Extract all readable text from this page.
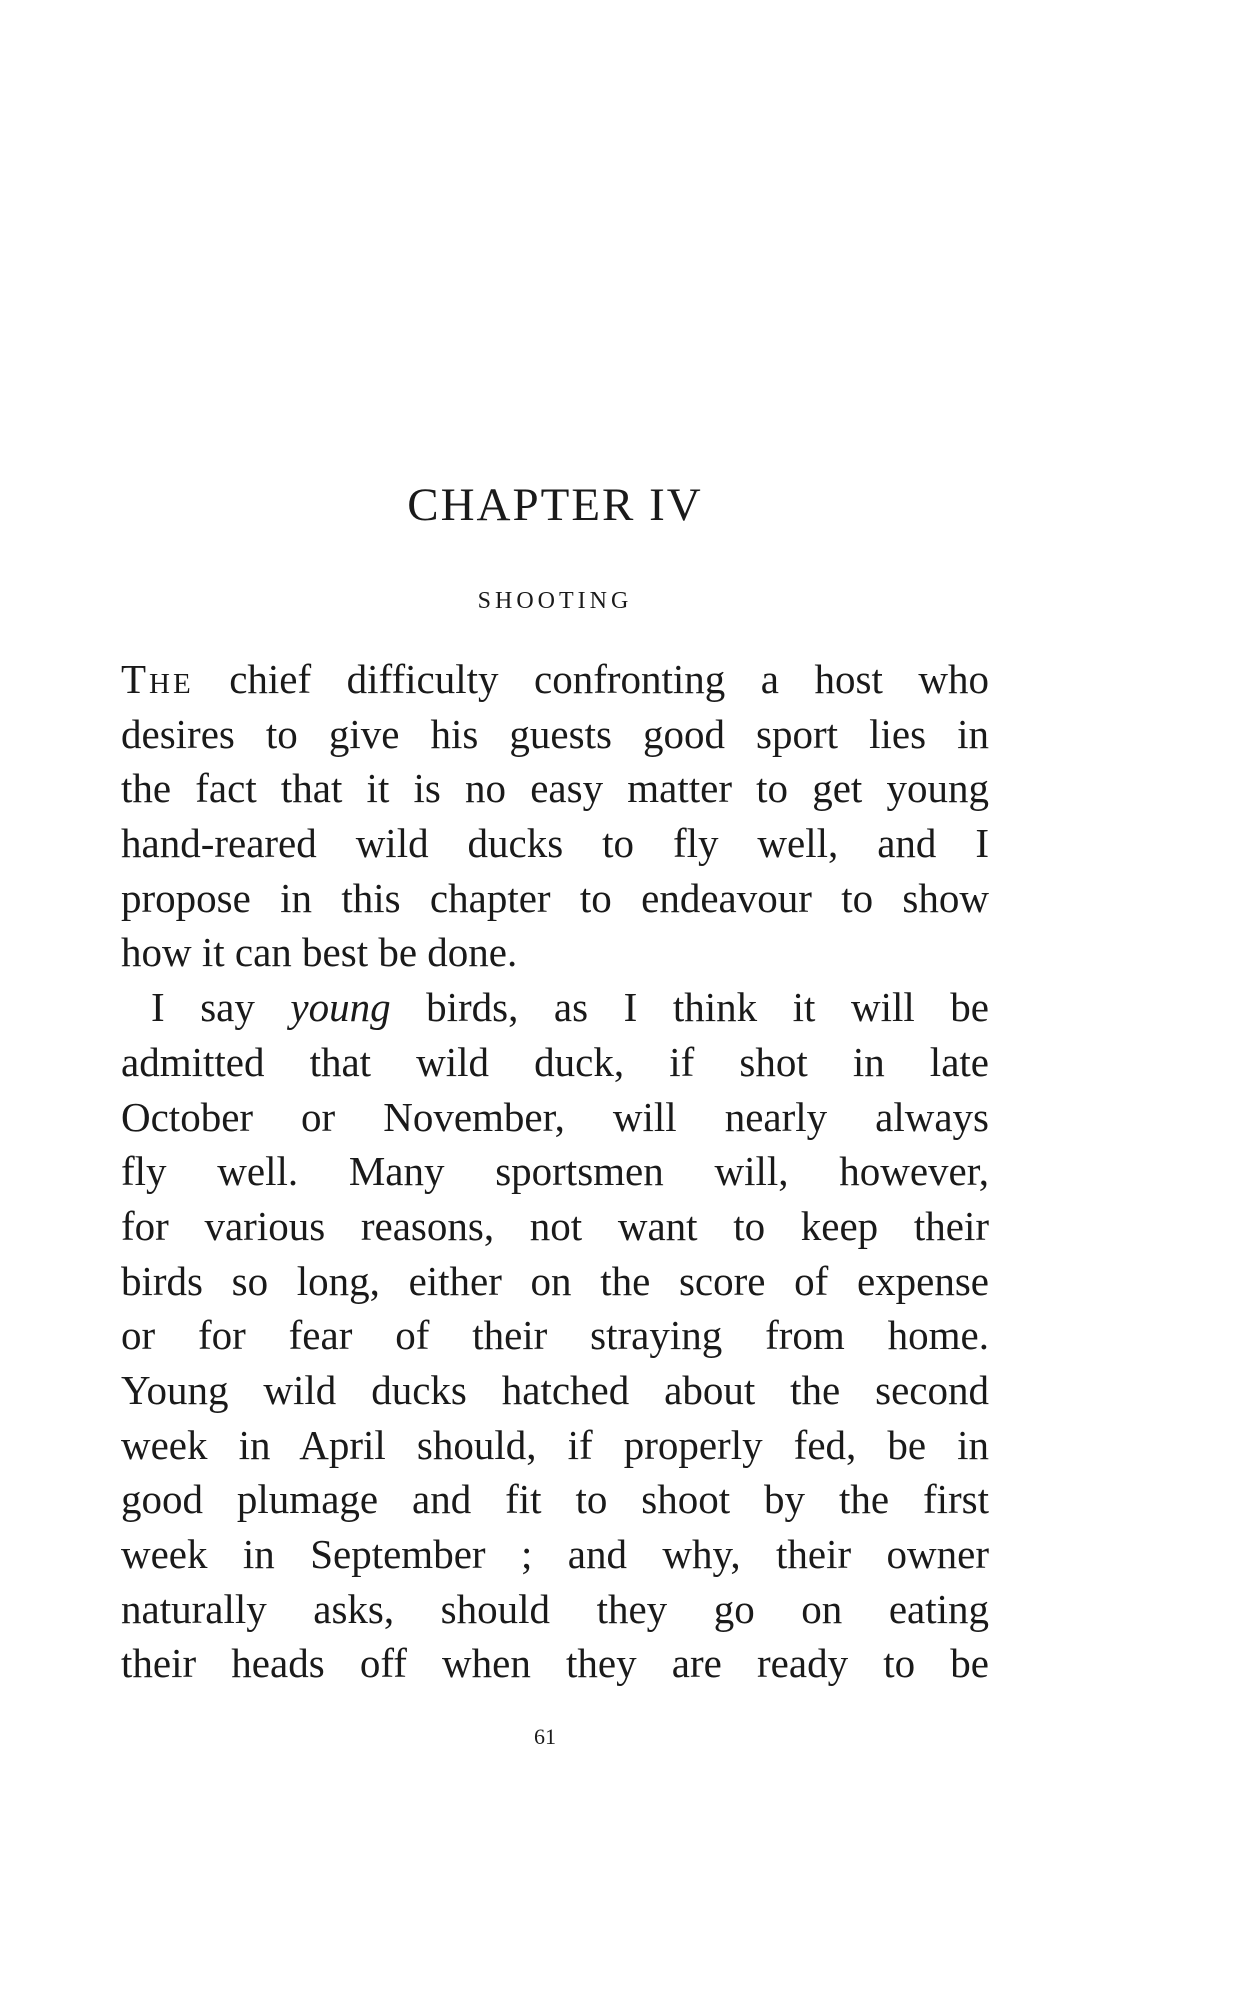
CHAPTER IV
SHOOTING
The chief difficulty confronting a host who
desires to give his guests good sport lies in
the fact that it is no easy matter to get young
hand-reared wild ducks to fly well, and I
propose in this chapter to endeavour to show
how it can best be done.
I say young birds, as I think it will be
admitted that wild duck, if shot in late
October or November, will nearly always
fly well. Many sportsmen will, however,
for various reasons, not want to keep their
birds so long, either on the score of expense
or for fear of their straying from home.
Young wild ducks hatched about the second
week in April should, if properly fed, be in
good plumage and fit to shoot by the first
week in September ; and why, their owner
naturally asks, should they go on eating
their heads off when they are ready to be

61
